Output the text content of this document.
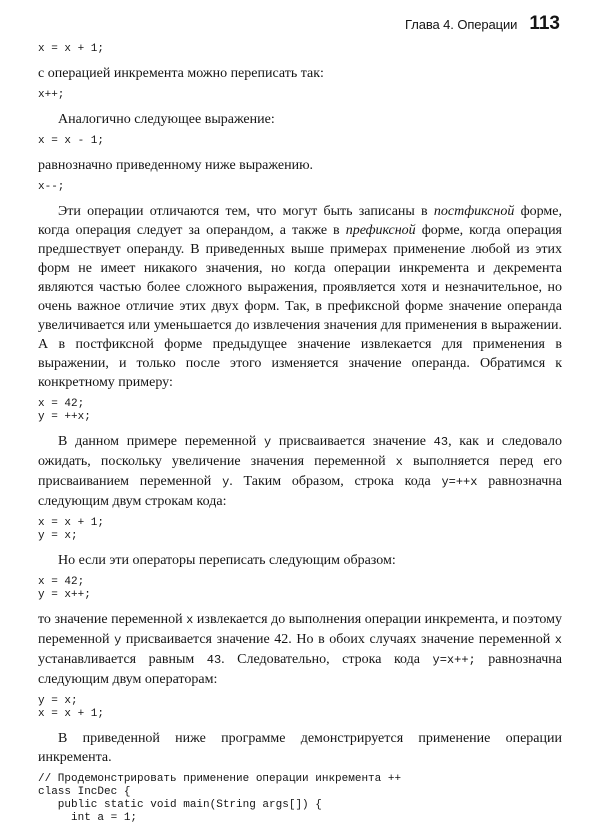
Глава 4. Операции 113
x = x + 1;

с операцией инкремента можно переписать так:

x++;

Аналогично следующее выражение:

x = x - 1;

равнозначно приведенному ниже выражению.

x--;

Эти операции отличаются тем, что могут быть записаны в постфиксной форме, когда операция следует за операндом, а также в префиксной форме, когда операция предшествует операнду. В приведенных выше примерах применение любой из этих форм не имеет никакого значения, но когда операции инкремента и декремента являются частью более сложного выражения, проявляется хотя и незначительное, но очень важное отличие этих двух форм. Так, в префиксной форме значение операнда увеличивается или уменьшается до извлечения значения для применения в выражении. А в постфиксной форме предыдущее значение извлекается для применения в выражении, и только после этого изменяется значение операнда. Обратимся к конкретному примеру:

x = 42;
y = ++x;

В данном примере переменной y присваивается значение 43, как и следовало ожидать, поскольку увеличение значения переменной x выполняется перед его присваиванием переменной y. Таким образом, строка кода y=++x равнозначна следующим двум строкам кода:

x = x + 1;
y = x;

Но если эти операторы переписать следующим образом:

x = 42;
y = x++;

то значение переменной x извлекается до выполнения операции инкремента, и поэтому переменной y присваивается значение 42. Но в обоих случаях значение переменной x устанавливается равным 43. Следовательно, строка кода y=x++; равнозначна следующим двум операторам:

y = x;
x = x + 1;

В приведенной ниже программе демонстрируется применение операции инкремента.

// Продемонстрировать применение операции инкремента ++
class IncDec {
public static void main(String args[]) {
int a = 1;
